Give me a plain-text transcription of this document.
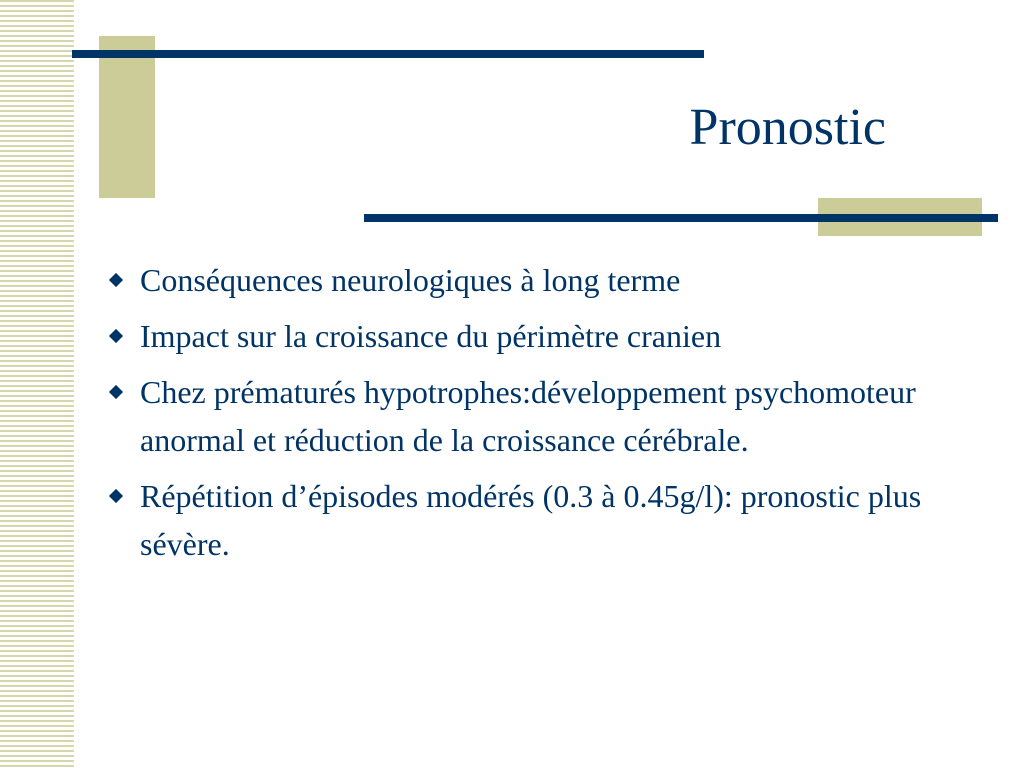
Pronostic
Conséquences neurologiques à long terme
Impact sur la croissance du périmètre cranien
Chez prématurés hypotrophes:développement psychomoteur anormal et réduction de la croissance cérébrale.
Répétition d’épisodes modérés (0.3 à 0.45g/l): pronostic plus sévère.
